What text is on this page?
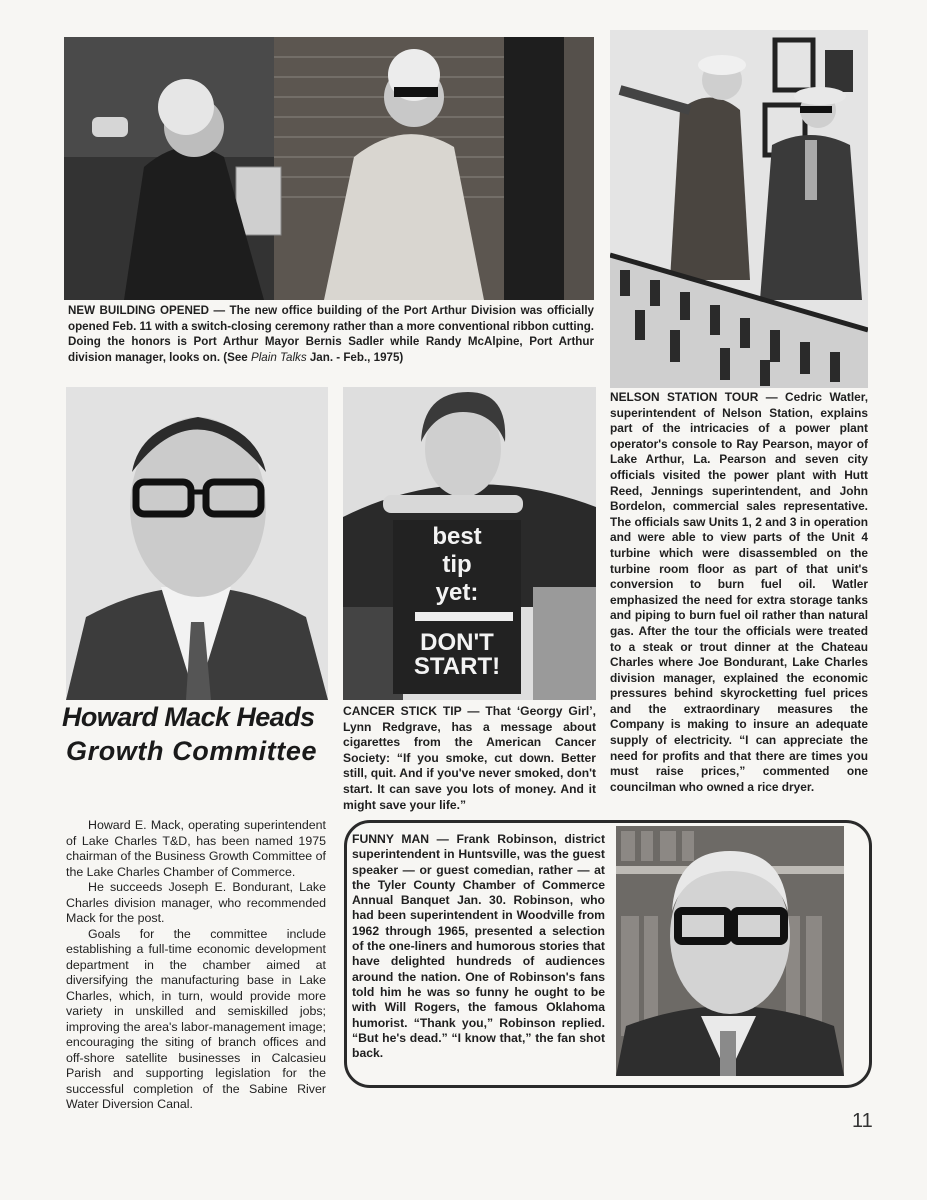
NEW BUILDING OPENED — The new office building of the Port Arthur Division was officially opened Feb. 11 with a switch-closing ceremony rather than a more conventional ribbon cutting. Doing the honors is Port Arthur Mayor Bernis Sadler while Randy McAlpine, Port Arthur division manager, looks on. (See Plain Talks Jan. - Feb., 1975)

NELSON STATION TOUR — Cedric Watler, superintendent of Nelson Station, explains part of the intricacies of a power plant operator's console to Ray Pearson, mayor of Lake Arthur, La. Pearson and seven city officials visited the power plant with Hutt Reed, Jennings superintendent, and John Bordelon, commercial sales representative. The officials saw Units 1, 2 and 3 in operation and were able to view parts of the Unit 4 turbine which were disassembled on the turbine room floor as part of that unit's conversion to burn fuel oil. Watler emphasized the need for extra storage tanks and piping to burn fuel oil rather than natural gas. After the tour the officials were treated to a steak or trout dinner at the Chateau Charles where Joe Bondurant, Lake Charles division manager, explained the economic pressures behind skyrocketting fuel prices and the extraordinary measures the Company is making to insure an adequate supply of electricity. “I can appreciate the need for profits and that there are times you must raise prices,” commented one councilman who owned a rice dryer.

best
tip
yet:
DON'T
START!
Howard Mack Heads
Growth Committee

Howard E. Mack, operating superintendent of Lake Charles T&D, has been named 1975 chairman of the Business Growth Committee of the Lake Charles Chamber of Commerce.

He succeeds Joseph E. Bondurant, Lake Charles division manager, who recommended Mack for the post.

Goals for the committee include establishing a full-time economic development department in the chamber aimed at diversifying the manufacturing base in Lake Charles, which, in turn, would provide more variety in unskilled and semiskilled jobs; improving the area's labor-management image; encouraging the siting of branch offices and off-shore satellite businesses in Calcasieu Parish and supporting legislation for the successful completion of the Sabine River Water Diversion Canal.

CANCER STICK TIP — That ‘Georgy Girl’, Lynn Redgrave, has a message about cigarettes from the American Cancer Society: “If you smoke, cut down. Better still, quit. And if you've never smoked, don't start. It can save you lots of money. And it might save your life.”

FUNNY MAN — Frank Robinson, district superintendent in Huntsville, was the guest speaker — or guest comedian, rather — at the Tyler County Chamber of Commerce Annual Banquet Jan. 30. Robinson, who had been superintendent in Woodville from 1962 through 1965, presented a selection of the one-liners and humorous stories that have delighted hundreds of audiences around the nation. One of Robinson's fans told him he was so funny he ought to be with Will Rogers, the famous Oklahoma humorist. “Thank you,” Robinson replied. “But he's dead.” “I know that,” the fan shot back.

11
